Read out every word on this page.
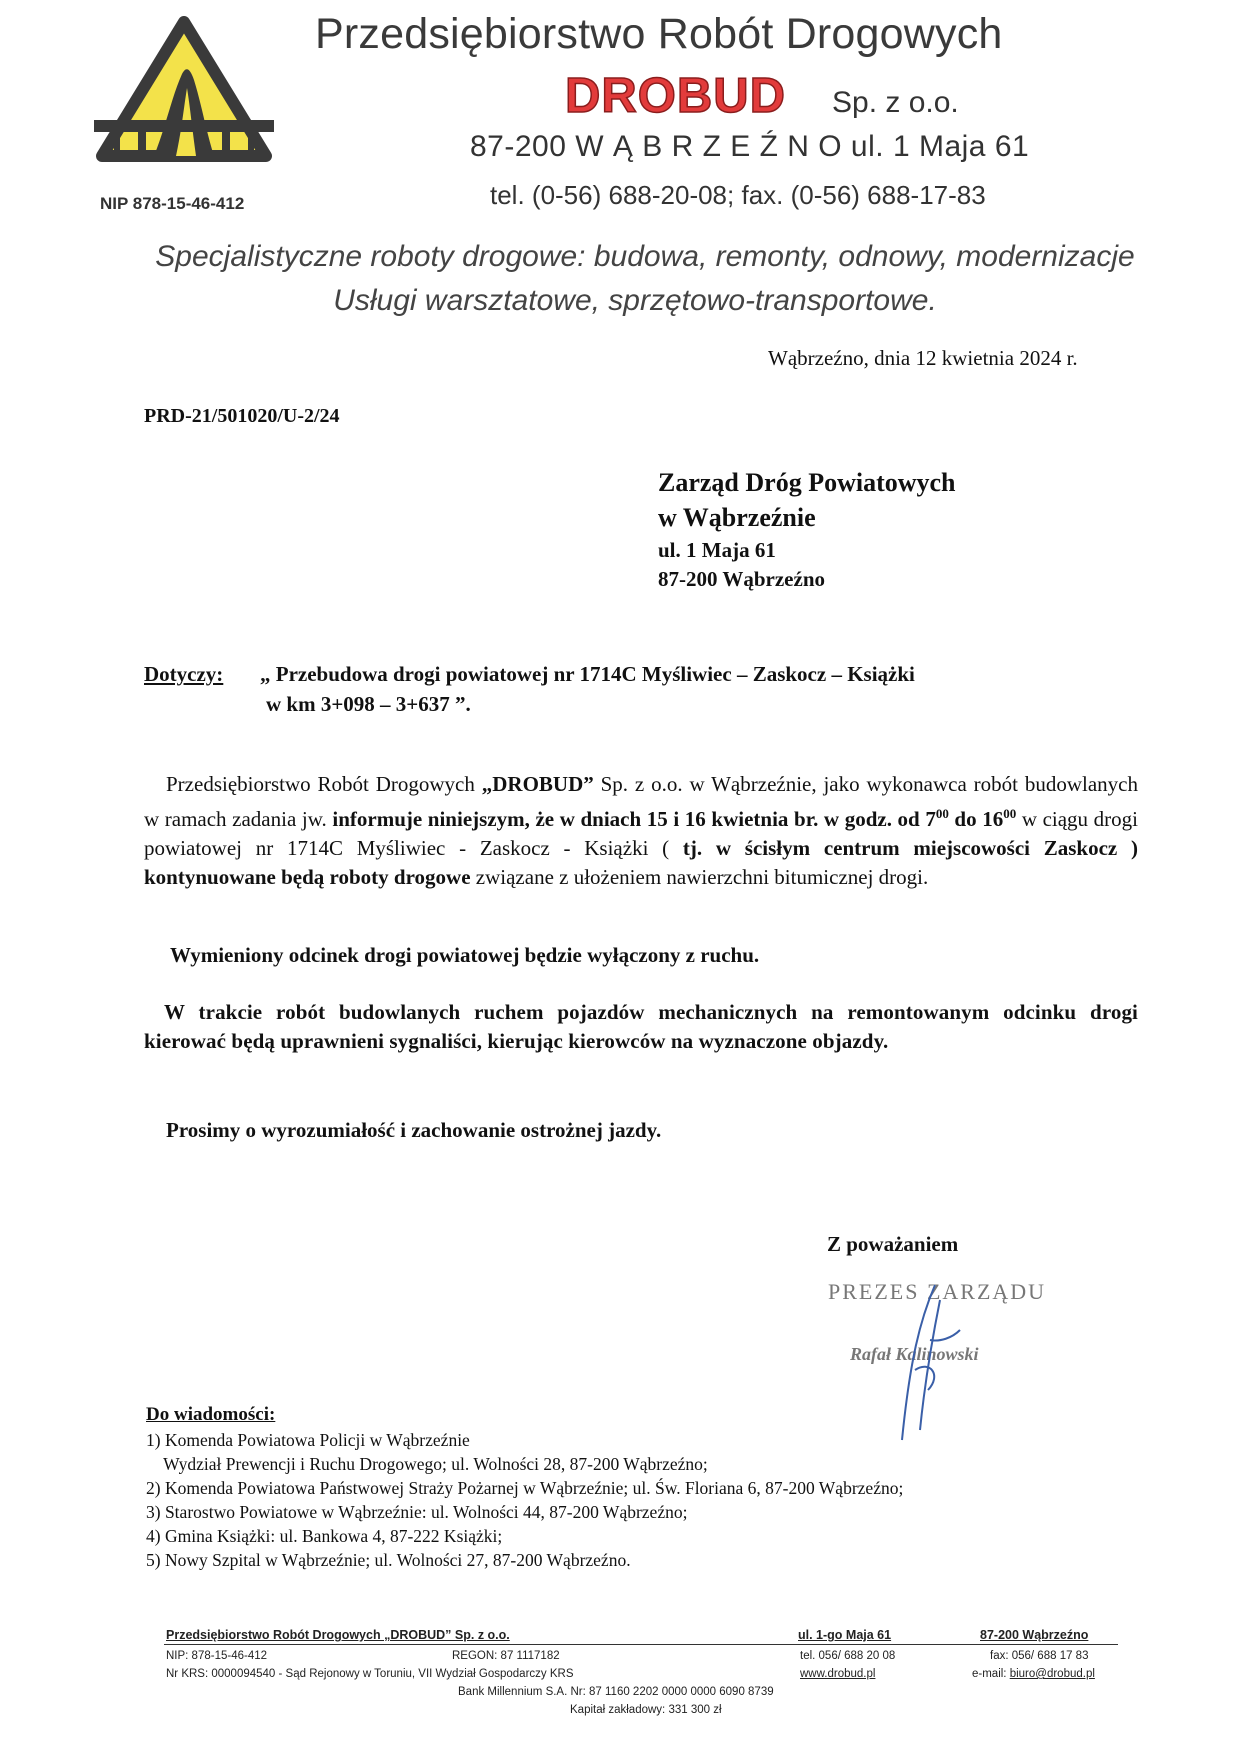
Przedsiębiorstwo Robót Drogowych
DROBUD Sp. z o.o.
87-200 W Ą B R Z E Ź N O ul. 1 Maja 61
tel. (0-56) 688-20-08; fax. (0-56) 688-17-83
NIP 878-15-46-412
Specjalistyczne roboty drogowe: budowa, remonty, odnowy, modernizacje
Usługi warsztatowe, sprzętowo-transportowe.
Wąbrzeźno, dnia 12 kwietnia 2024 r.
PRD-21/501020/U-2/24
Zarząd Dróg Powiatowych
w Wąbrzeźnie
ul. 1 Maja 61
87-200 Wąbrzeźno
Dotyczy: „ Przebudowa drogi powiatowej nr 1714C Myśliwiec – Zaskocz – Książki
w km 3+098 – 3+637 ”.
Przedsiębiorstwo Robót Drogowych „DROBUD” Sp. z o.o. w Wąbrzeźnie, jako wykonawca robót budowlanych w ramach zadania jw. informuje niniejszym, że w dniach 15 i 16 kwietnia br. w godz. od $7^{00}$ do $16^{00}$ w ciągu drogi powiatowej nr 1714C Myśliwiec - Zaskocz - Książki ( tj. w ścisłym centrum miejscowości Zaskocz ) kontynuowane będą roboty drogowe związane z ułożeniem nawierzchni bitumicznej drogi.
Wymieniony odcinek drogi powiatowej będzie wyłączony z ruchu.
W trakcie robót budowlanych ruchem pojazdów mechanicznych na remontowanym odcinku drogi kierować będą uprawnieni sygnaliści, kierując kierowców na wyznaczone objazdy.
Prosimy o wyrozumiałość i zachowanie ostrożnej jazdy.
Z poważaniem
PREZES ZARZĄDU
Rafał Kalinowski
Do wiadomości:
1) Komenda Powiatowa Policji w Wąbrzeźnie
Wydział Prewencji i Ruchu Drogowego; ul. Wolności 28, 87-200 Wąbrzeźno;
2) Komenda Powiatowa Państwowej Straży Pożarnej w Wąbrzeźnie; ul. Św. Floriana 6, 87-200 Wąbrzeźno;
3) Starostwo Powiatowe w Wąbrzeźnie: ul. Wolności 44, 87-200 Wąbrzeźno;
4) Gmina Książki: ul. Bankowa 4, 87-222 Książki;
5) Nowy Szpital w Wąbrzeźnie; ul. Wolności 27, 87-200 Wąbrzeźno.
Przedsiębiorstwo Robót Drogowych „DROBUD” Sp. z o.o.	ul. 1-go Maja 61	87-200 Wąbrzeźno
NIP: 878-15-46-412	REGON: 87 1117182	tel. 056/ 688 20 08	fax: 056/ 688 17 83
Nr KRS: 0000094540 - Sąd Rejonowy w Toruniu, VII Wydział Gospodarczy KRS	www.drobud.pl	e-mail: biuro@drobud.pl
Bank Millennium S.A. Nr: 87 1160 2202 0000 0000 6090 8739
Kapitał zakładowy: 331 300 zł
